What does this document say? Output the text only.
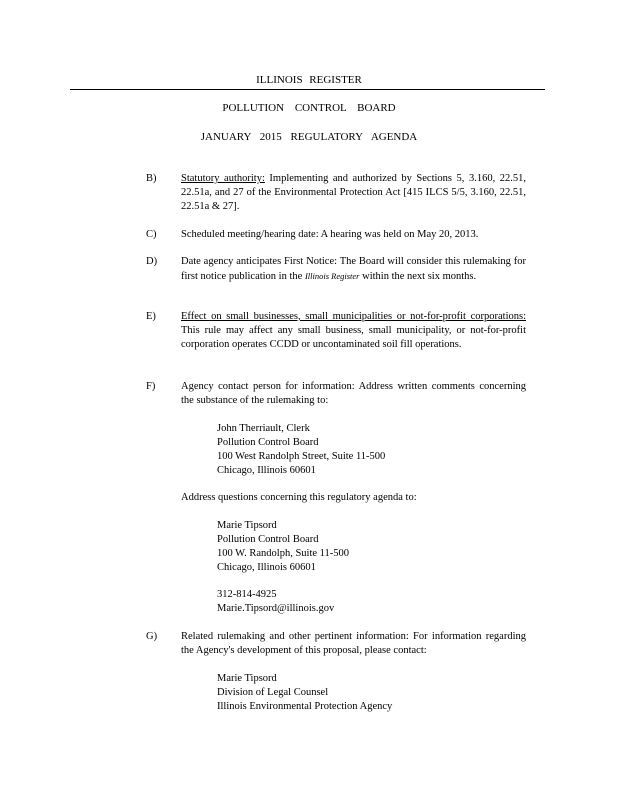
ILLINOIS REGISTER
POLLUTION CONTROL BOARD
JANUARY 2015 REGULATORY AGENDA
B)	Statutory authority: Implementing and authorized by Sections 5, 3.160, 22.51, 22.51a, and 27 of the Environmental Protection Act [415 ILCS 5/5, 3.160, 22.51, 22.51a & 27].

C)	Scheduled meeting/hearing date: A hearing was held on May 20, 2013.

D)	Date agency anticipates First Notice: The Board will consider this rulemaking for first notice publication in the Illinois Register within the next six months.

E)	Effect on small businesses, small municipalities or not-for-profit corporations: This rule may affect any small business, small municipality, or not-for-profit corporation operates CCDD or uncontaminated soil fill operations.

F)	Agency contact person for information: Address written comments concerning the substance of the rulemaking to:

John Therriault, Clerk

Pollution Control Board

100 West Randolph Street, Suite 11-500

Chicago, Illinois 60601

Address questions concerning this regulatory agenda to:

Marie Tipsord

Pollution Control Board

100 W. Randolph, Suite 11-500

Chicago, Illinois 60601

312-814-4925

Marie.Tipsord@illinois.gov

G)	Related rulemaking and other pertinent information: For information regarding the Agency's development of this proposal, please contact:

Marie Tipsord

Division of Legal Counsel

Illinois Environmental Protection Agency
